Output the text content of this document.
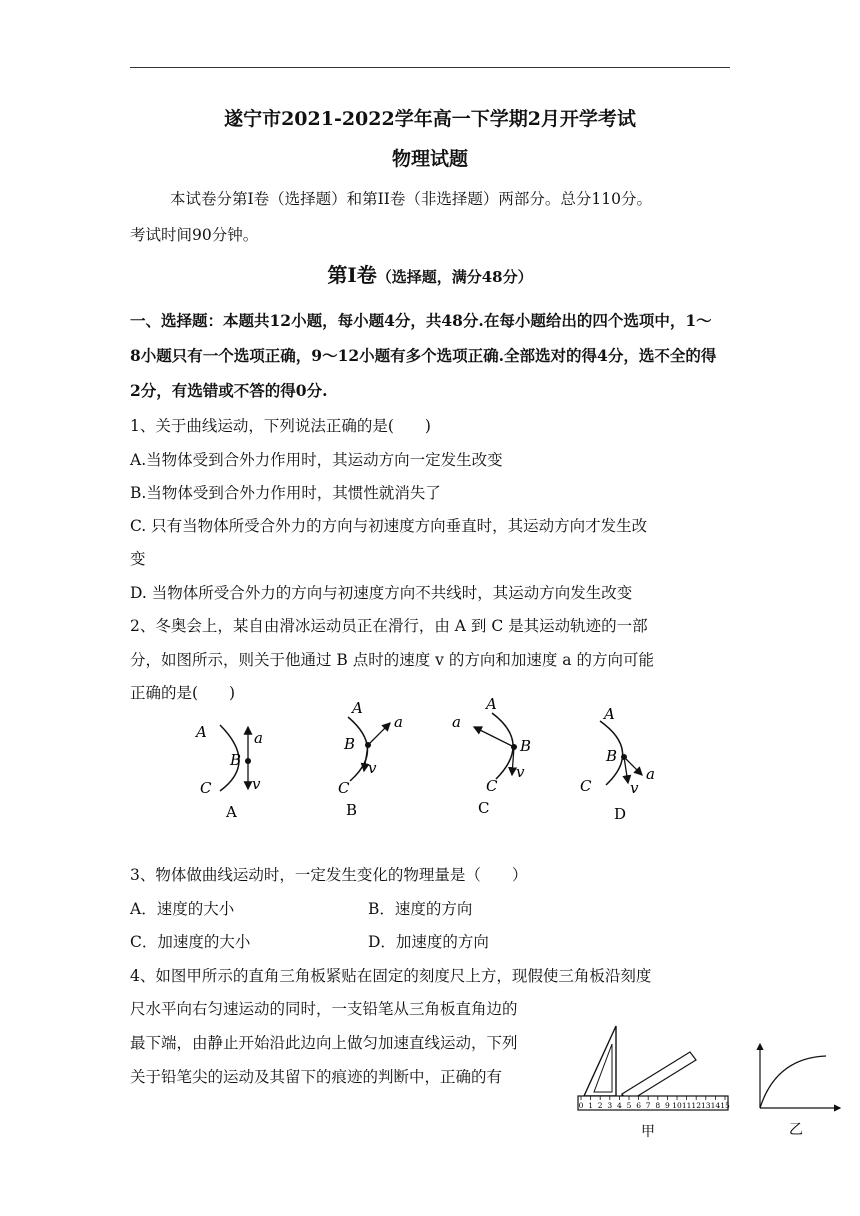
遂宁市2021-2022学年高一下学期2月开学考试
物理试题
本试卷分第I卷（选择题）和第II卷（非选择题）两部分。总分110分。
考试时间90分钟。
第Ⅰ卷（选择题，满分48分）
一、选择题：本题共12小题，每小题4分，共48分.在每小题给出的四个选项中，1～
8小题只有一个选项正确，9～12小题有多个选项正确.全部选对的得4分，选不全的得
2分，有选错或不答的得0分.
1、关于曲线运动，下列说法正确的是(　　)
A.当物体受到合外力作用时，其运动方向一定发生改变
B.当物体受到合外力作用时，其惯性就消失了
C. 只有当物体所受合外力的方向与初速度方向垂直时，其运动方向才发生改
变
D. 当物体所受合外力的方向与初速度方向不共线时，其运动方向发生改变
2、冬奥会上，某自由滑冰运动员正在滑行，由 A 到 C 是其运动轨迹的一部
分，如图所示，则关于他通过 B 点时的速度 v 的方向和加速度 a 的方向可能
正确的是(　　)
A
B
C
a
v
A
A
B
C
a
v
B
A
B
C
a
v
C
A
B
C
a
v
D
3、物体做曲线运动时，一定发生变化的物理量是（　　）
A．速度的大小	B．速度的方向
C．加速度的大小	D．加速度的方向
4、如图甲所示的直角三角板紧贴在固定的刻度尺上方，现假使三角板沿刻度
尺水平向右匀速运动的同时，一支铅笔从三角板直角边的
最下端，由静止开始沿此边向上做匀加速直线运动，下列
关于铅笔尖的运动及其留下的痕迹的判断中，正确的有
0 1 2 3 4 5 6 7 8 9 10 11 12 13 14 15
甲	乙
